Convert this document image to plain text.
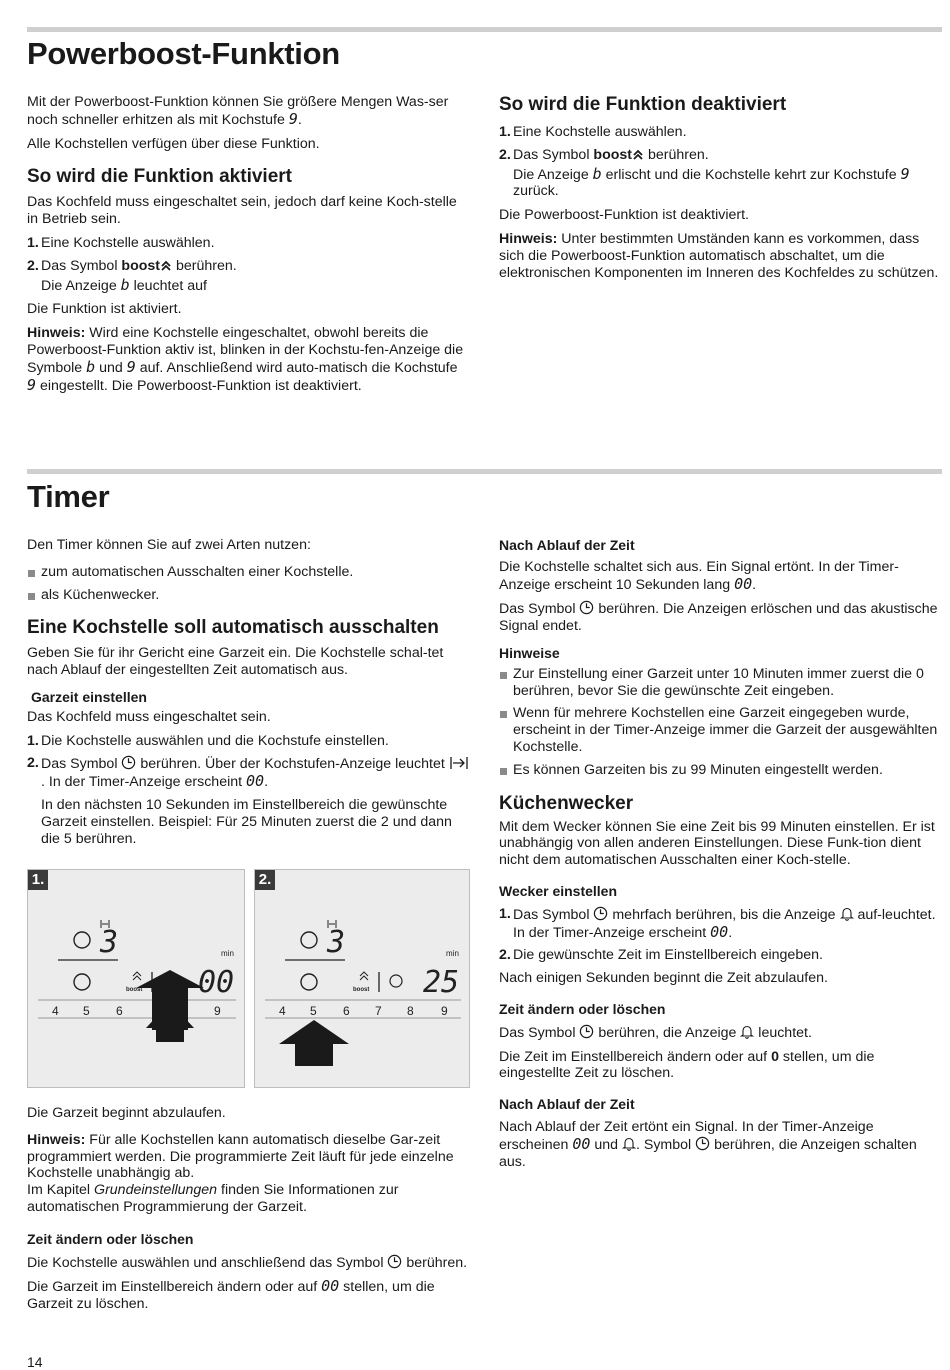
Powerboost-Funktion

Mit der Powerboost-Funktion können Sie größere Mengen Was-ser noch schneller erhitzen als mit Kochstufe 9.

Alle Kochstellen verfügen über diese Funktion.

So wird die Funktion aktiviert

Das Kochfeld muss eingeschaltet sein, jedoch darf keine Koch-stelle in Betrieb sein.

1. Eine Kochstelle auswählen.
2. Das Symbol boost berühren.

Die Anzeige b leuchtet auf

Die Funktion ist aktiviert.

Hinweis: Wird eine Kochstelle eingeschaltet, obwohl bereits die Powerboost-Funktion aktiv ist, blinken in der Kochstu-fen-Anzeige die Symbole b und 9 auf. Anschließend wird auto-matisch die Kochstufe 9 eingestellt. Die Powerboost-Funktion ist deaktiviert.

So wird die Funktion deaktiviert
1. Eine Kochstelle auswählen.
2. Das Symbol boost berühren.

Die Anzeige b erlischt und die Kochstelle kehrt zur Kochstufe 9 zurück.

Die Powerboost-Funktion ist deaktiviert.

Hinweis: Unter bestimmten Umständen kann es vorkommen, dass sich die Powerboost-Funktion automatisch abschaltet, um die elektronischen Komponenten im Inneren des Kochfeldes zu schützen.

Timer

Den Timer können Sie auf zwei Arten nutzen:

zum automatischen Ausschalten einer Kochstelle.
als Küchenwecker.
Eine Kochstelle soll automatisch ausschalten

Geben Sie für ihr Gericht eine Garzeit ein. Die Kochstelle schal-tet nach Ablauf der eingestellten Zeit automatisch aus.

Garzeit einstellen

Das Kochfeld muss eingeschaltet sein.

1. Die Kochstelle auswählen und die Kochstufe einstellen.
2. Das Symbol  berühren. Über der Kochstufen-Anzeige leuchtet  . In der Timer-Anzeige erscheint 00.
In den nächsten 10 Sekunden im Einstellbereich die gewünschte Garzeit einstellen. Beispiel: Für 25 Minuten zuerst die 2 und dann die 5 berühren.
1.
3	min
boost 00
4 5 6	9
2.
3	min
boost 25
4 5 6 7 8 9

Die Garzeit beginnt abzulaufen.

Hinweis: Für alle Kochstellen kann automatisch dieselbe Gar-zeit programmiert werden. Die programmierte Zeit läuft für jede einzelne Kochstelle unabhängig ab.

Im Kapitel Grundeinstellungen finden Sie Informationen zur automatischen Programmierung der Garzeit.

Zeit ändern oder löschen

Die Kochstelle auswählen und anschließend das Symbol  berühren.

Die Garzeit im Einstellbereich ändern oder auf 00 stellen, um die Garzeit zu löschen.

Nach Ablauf der Zeit

Die Kochstelle schaltet sich aus. Ein Signal ertönt. In der Timer-Anzeige erscheint 10 Sekunden lang 00.

Das Symbol  berühren. Die Anzeigen erlöschen und das akustische Signal endet.

Hinweise
Zur Einstellung einer Garzeit unter 10 Minuten immer zuerst die 0 berühren, bevor Sie die gewünschte Zeit eingeben.
Wenn für mehrere Kochstellen eine Garzeit eingegeben wurde, erscheint in der Timer-Anzeige immer die Garzeit der ausgewählten Kochstelle.
Es können Garzeiten bis zu 99 Minuten eingestellt werden.
Küchenwecker

Mit dem Wecker können Sie eine Zeit bis 99 Minuten einstellen. Er ist unabhängig von allen anderen Einstellungen. Diese Funk-tion dient nicht dem automatischen Ausschalten einer Koch-stelle.

Wecker einstellen
1. Das Symbol  mehrfach berühren, bis die Anzeige  auf-leuchtet. In der Timer-Anzeige erscheint 00.
2. Die gewünschte Zeit im Einstellbereich eingeben.

Nach einigen Sekunden beginnt die Zeit abzulaufen.

Zeit ändern oder löschen

Das Symbol  berühren, die Anzeige  leuchtet.

Die Zeit im Einstellbereich ändern oder auf 0 stellen, um die eingestellte Zeit zu löschen.

Nach Ablauf der Zeit

Nach Ablauf der Zeit ertönt ein Signal. In der Timer-Anzeige erscheinen 00 und . Symbol  berühren, die Anzeigen schalten aus.

14
